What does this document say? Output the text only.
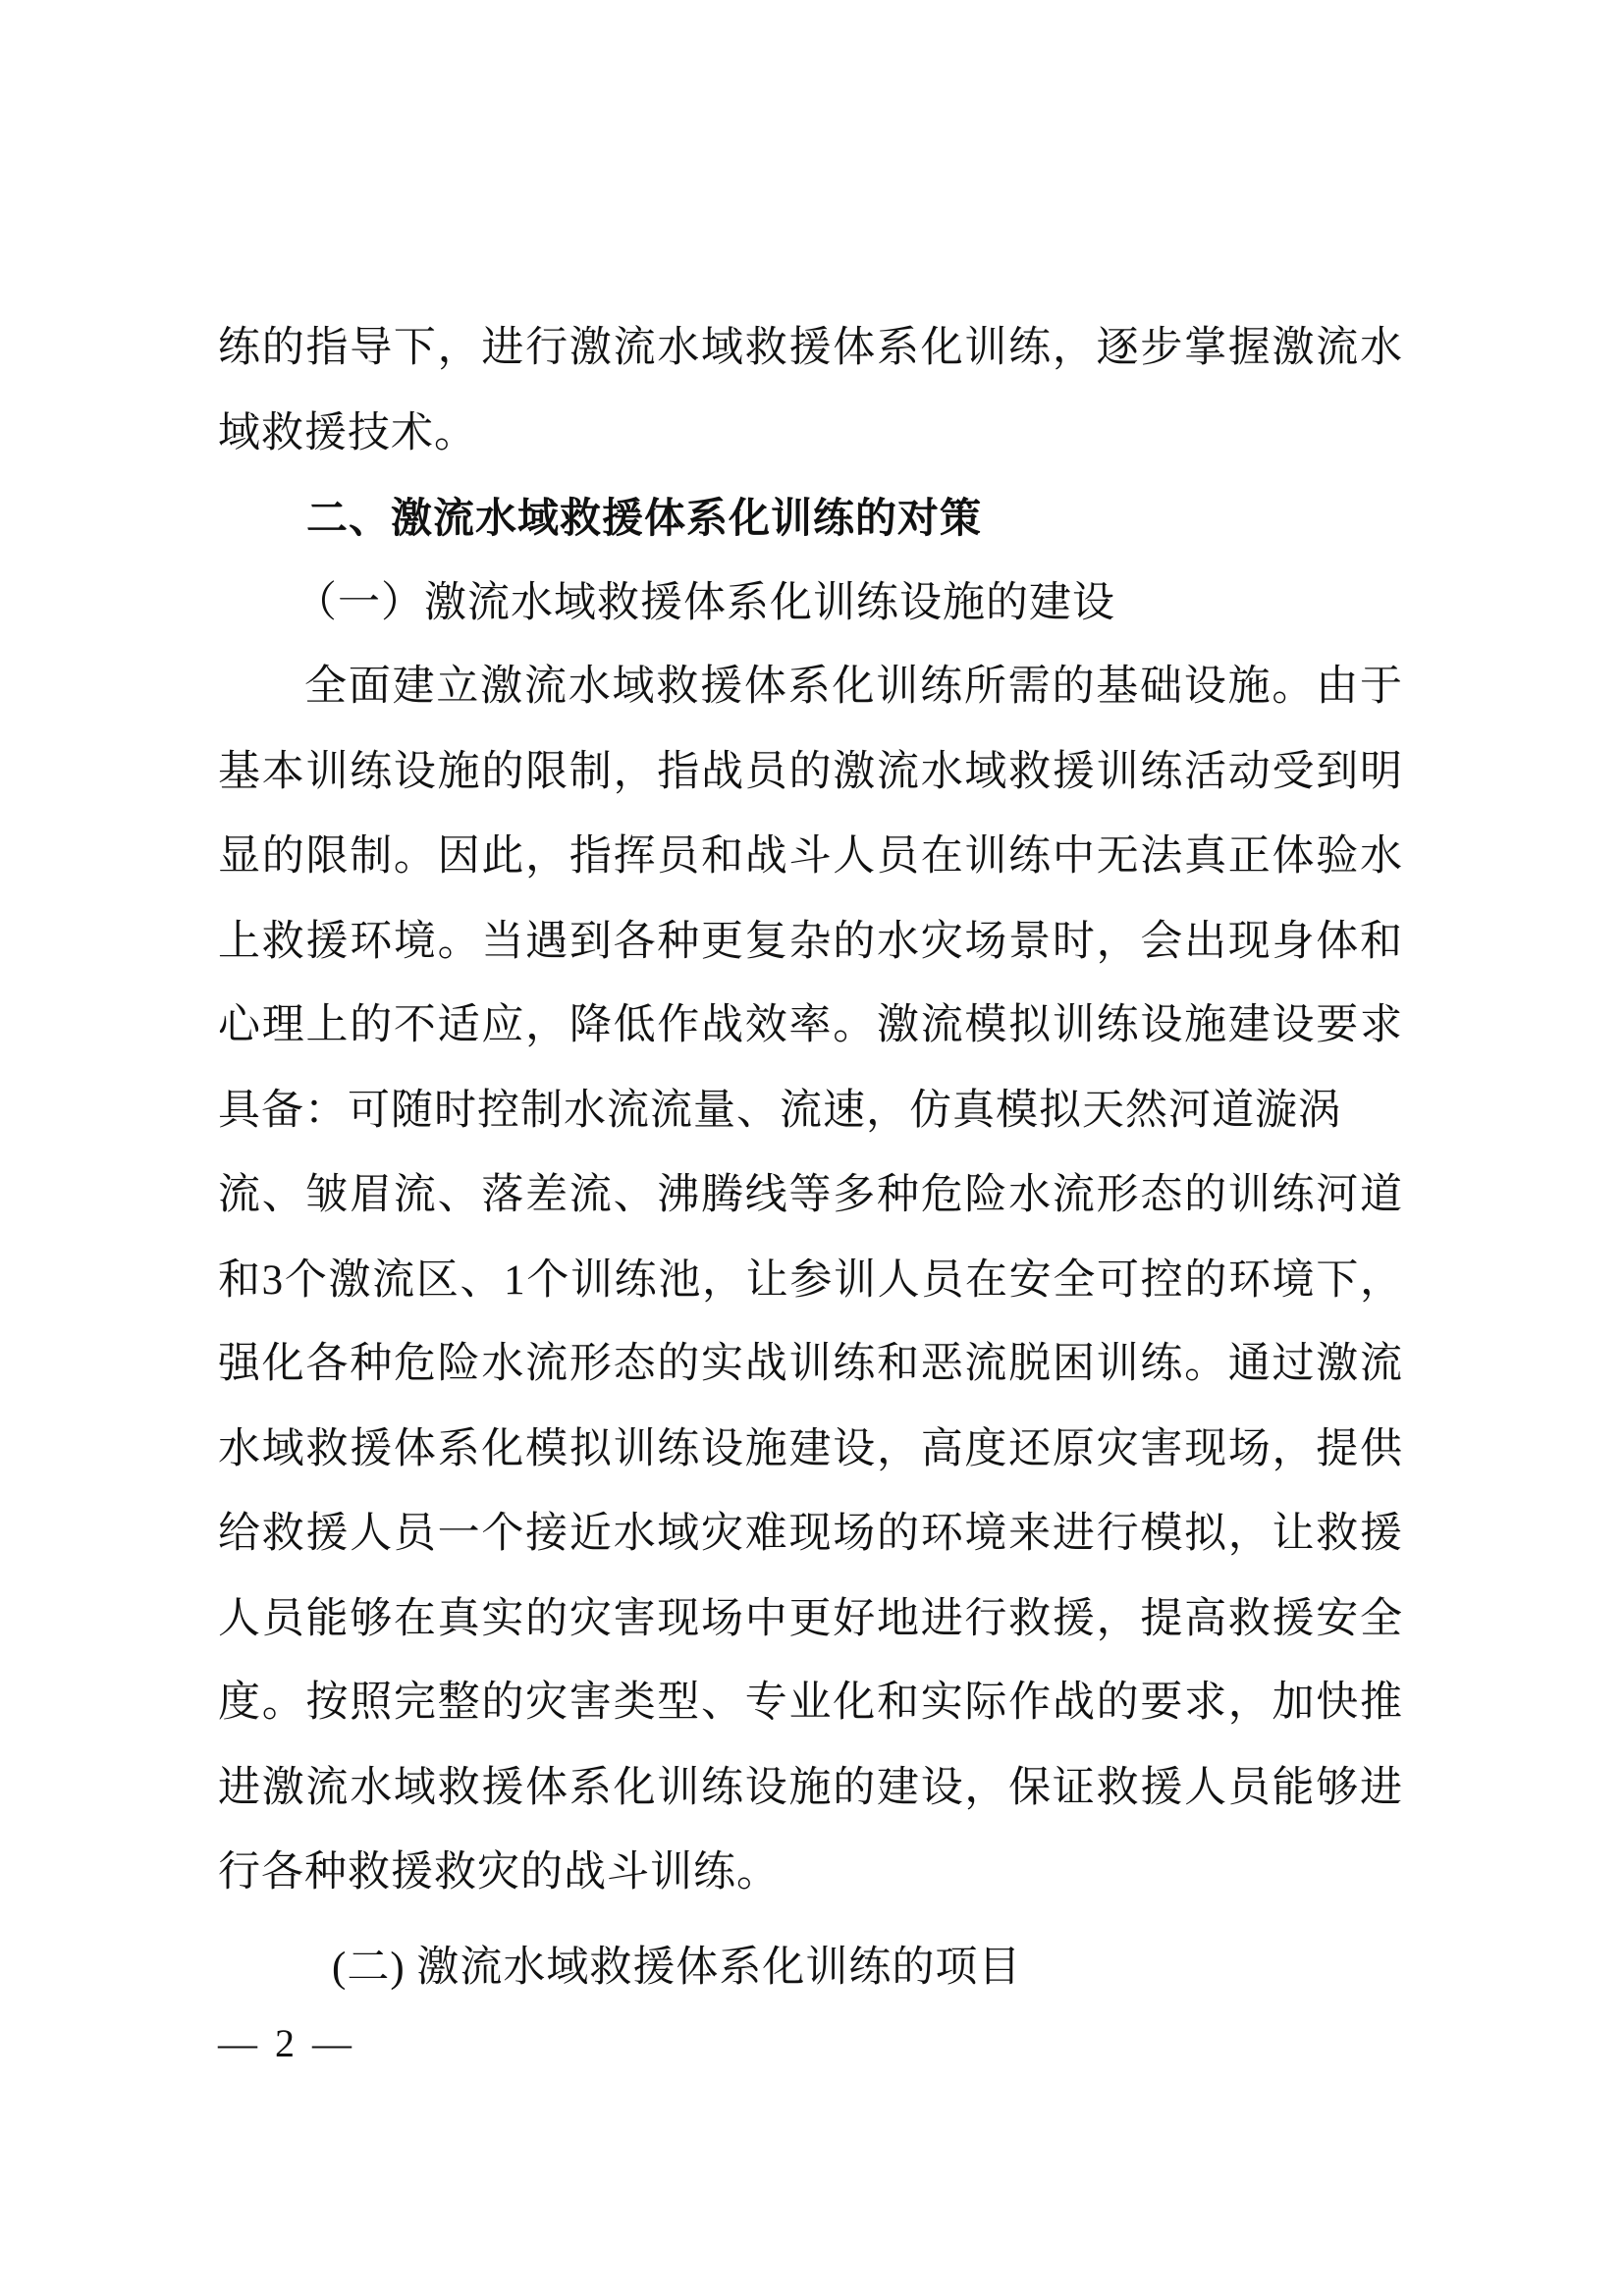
练的指导下，进行激流水域救援体系化训练，逐步掌握激流水
域救援技术。
二、激流水域救援体系化训练的对策
（一）激流水域救援体系化训练设施的建设
全面建立激流水域救援体系化训练所需的基础设施。由于
基本训练设施的限制，指战员的激流水域救援训练活动受到明
显的限制。因此，指挥员和战斗人员在训练中无法真正体验水
上救援环境。当遇到各种更复杂的水灾场景时，会出现身体和
心理上的不适应，降低作战效率。激流模拟训练设施建设要求
具备：可随时控制水流流量、流速，仿真模拟天然河道漩涡
流、皱眉流、落差流、沸腾线等多种危险水流形态的训练河道
和3个激流区、1个训练池，让参训人员在安全可控的环境下，
强化各种危险水流形态的实战训练和恶流脱困训练。通过激流
水域救援体系化模拟训练设施建设，高度还原灾害现场，提供
给救援人员一个接近水域灾难现场的环境来进行模拟，让救援
人员能够在真实的灾害现场中更好地进行救援，提高救援安全
度。按照完整的灾害类型、专业化和实际作战的要求，加快推
进激流水域救援体系化训练设施的建设，保证救援人员能够进
行各种救援救灾的战斗训练。
(二) 激流水域救援体系化训练的项目
— 2 —
